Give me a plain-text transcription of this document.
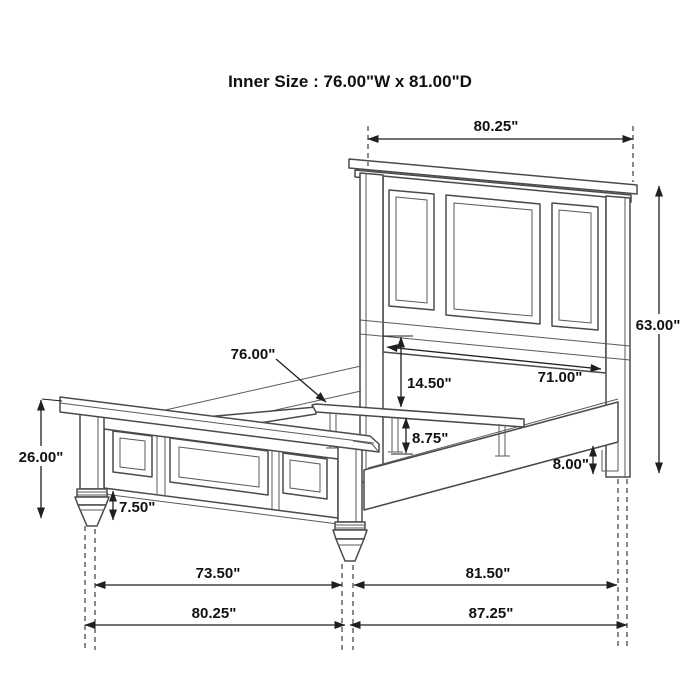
80.25"
63.00"
76.00"
14.50"	71.00"
8.75"
8.00"
26.00"
7.50"
73.50"	81.50"
80.25"	87.25"
Inner Size : 76.00"W x 81.00"D
